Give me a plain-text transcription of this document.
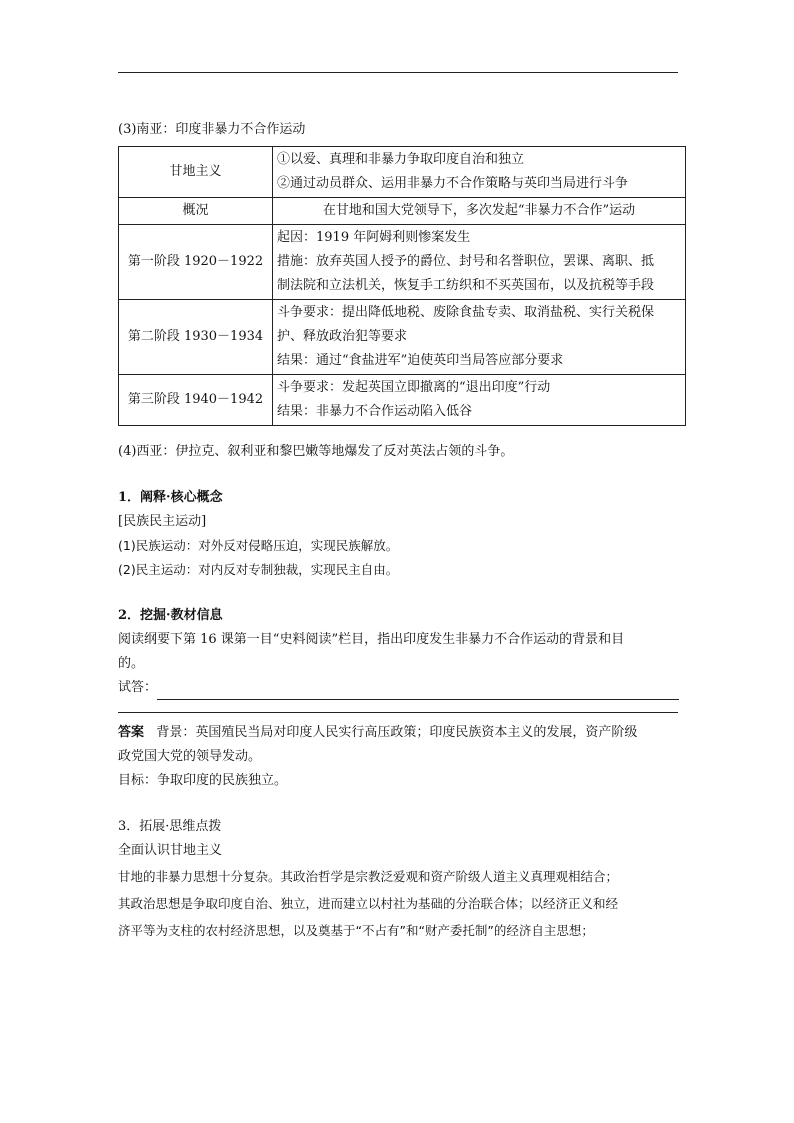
(3)南亚：印度非暴力不合作运动

甘地主义	①以爱、真理和非暴力争取印度自治和独立
②通过动员群众、运用非暴力不合作策略与英印当局进行斗争

概况	在甘地和国大党领导下，多次发起“非暴力不合作”运动

第一阶段 1920－1922	起因：1919 年阿姆利则惨案发生
措施：放弃英国人授予的爵位、封号和名誉职位，罢课、离职、抵
制法院和立法机关，恢复手工纺织和不买英国布，以及抗税等手段

第二阶段 1930－1934	斗争要求：提出降低地税、废除食盐专卖、取消盐税、实行关税保
护、释放政治犯等要求
结果：通过“食盐进军”迫使英印当局答应部分要求

第三阶段 1940－1942	斗争要求：发起英国立即撤离的“退出印度”行动
结果：非暴力不合作运动陷入低谷

(4)西亚：伊拉克、叙利亚和黎巴嫩等地爆发了反对英法占领的斗争。

1．阐释·核心概念

[民族民主运动]

(1)民族运动：对外反对侵略压迫，实现民族解放。

(2)民主运动：对内反对专制独裁，实现民主自由。

2．挖掘·教材信息

阅读纲要下第 16 课第一目“史料阅读”栏目，指出印度发生非暴力不合作运动的背景和目

的。

试答：

答案 背景：英国殖民当局对印度人民实行高压政策；印度民族资本主义的发展，资产阶级

政党国大党的领导发动。

目标：争取印度的民族独立。

3．拓展·思维点拨

全面认识甘地主义

甘地的非暴力思想十分复杂。其政治哲学是宗教泛爱观和资产阶级人道主义真理观相结合；

其政治思想是争取印度自治、独立，进而建立以村社为基础的分治联合体；以经济正义和经

济平等为支柱的农村经济思想，以及奠基于“不占有”和“财产委托制”的经济自主思想；
